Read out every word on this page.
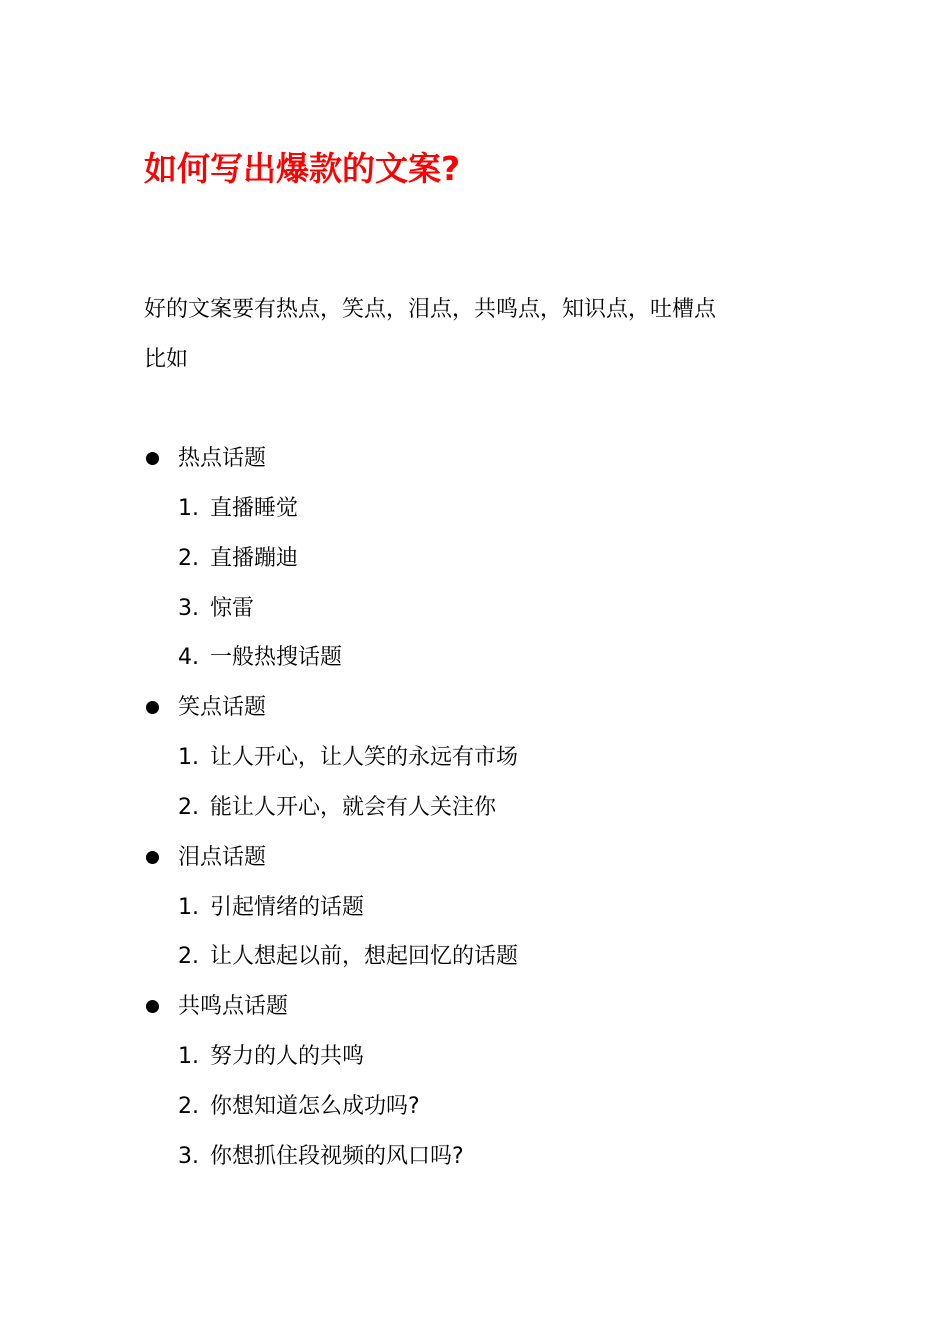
如何写出爆款的文案?
好的文案要有热点，笑点，泪点，共鸣点，知识点，吐槽点
比如
热点话题
1. 直播睡觉
2. 直播蹦迪
3. 惊雷
4. 一般热搜话题
笑点话题
1. 让人开心，让人笑的永远有市场
2. 能让人开心，就会有人关注你
泪点话题
1. 引起情绪的话题
2. 让人想起以前，想起回忆的话题
共鸣点话题
1. 努力的人的共鸣
2. 你想知道怎么成功吗?
3. 你想抓住段视频的风口吗?
